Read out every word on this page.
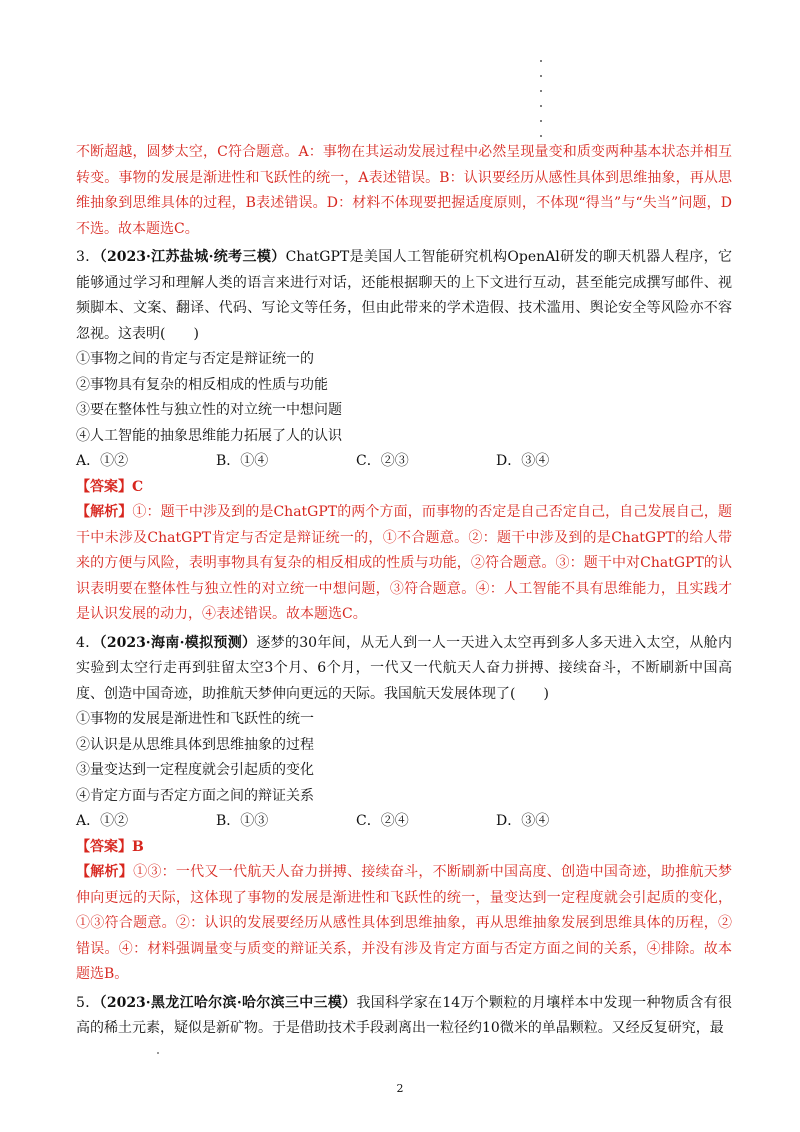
不断超越，圆梦太空，C符合题意。A：事物在其运动发展过程中必然呈现量变和质变两种基本状态并相互转变。事物的发展是渐进性和飞跃性的统一，A表述错误。B：认识要经历从感性具体到思维抽象，再从思维抽象到思维具体的过程，B表述错误。D：材料不体现要把握适度原则，不体现“得当”与“失当”问题，D不选。故本题选C。

3．（2023·江苏盐城·统考三模）ChatGPT是美国人工智能研究机构OpenAl研发的聊天机器人程序，它能够通过学习和理解人类的语言来进行对话，还能根据聊天的上下文进行互动，甚至能完成撰写邮件、视频脚本、文案、翻译、代码、写论文等任务，但由此带来的学术造假、技术滥用、舆论安全等风险亦不容忽视。这表明(　　)

①事物之间的肯定与否定是辩证统一的

②事物具有复杂的相反相成的性质与功能

③要在整体性与独立性的对立统一中想问题

④人工智能的抽象思维能力拓展了人的认识

A．①②	B．①④	C．②③	D．③④

【答案】C

【解析】①：题干中涉及到的是ChatGPT的两个方面，而事物的否定是自己否定自己，自己发展自己，题干中未涉及ChatGPT肯定与否定是辩证统一的，①不合题意。②：题干中涉及到的是ChatGPT的给人带来的方便与风险，表明事物具有复杂的相反相成的性质与功能，②符合题意。③：题干中对ChatGPT的认识表明要在整体性与独立性的对立统一中想问题，③符合题意。④：人工智能不具有思维能力，且实践才是认识发展的动力，④表述错误。故本题选C。

4．（2023·海南·模拟预测）逐梦的30年间，从无人到一人一天进入太空再到多人多天进入太空，从舱内实验到太空行走再到驻留太空3个月、6个月，一代又一代航天人奋力拼搏、接续奋斗，不断刷新中国高度、创造中国奇迹，助推航天梦伸向更远的天际。我国航天发展体现了(　　)

①事物的发展是渐进性和飞跃性的统一

②认识是从思维具体到思维抽象的过程

③量变达到一定程度就会引起质的变化

④肯定方面与否定方面之间的辩证关系

A．①②	B．①③	C．②④	D．③④

【答案】B

【解析】①③：一代又一代航天人奋力拼搏、接续奋斗，不断刷新中国高度、创造中国奇迹，助推航天梦伸向更远的天际，这体现了事物的发展是渐进性和飞跃性的统一，量变达到一定程度就会引起质的变化，①③符合题意。②：认识的发展要经历从感性具体到思维抽象，再从思维抽象发展到思维具体的历程，②错误。④：材料强调量变与质变的辩证关系，并没有涉及肯定方面与否定方面之间的关系，④排除。故本题选B。

5．（2023·黑龙江哈尔滨·哈尔滨三中三模）我国科学家在14万个颗粒的月壤样本中发现一种物质含有很高的稀土元素，疑似是新矿物。于是借助技术手段剥离出一粒径约10微米的单晶颗粒。又经反复研究，最

2
